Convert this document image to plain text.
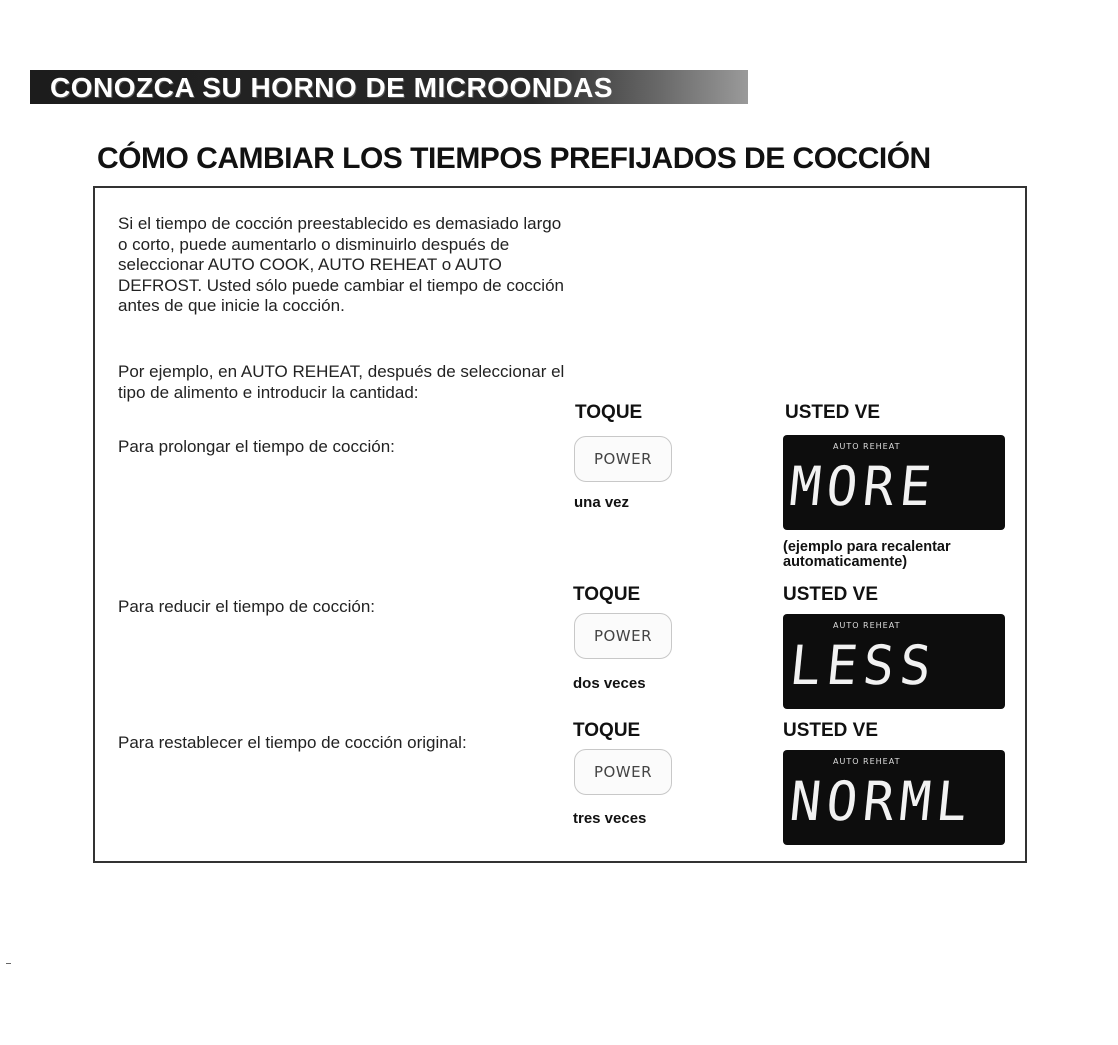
CONOZCA SU HORNO DE MICROONDAS
CÓMO CAMBIAR LOS TIEMPOS PREFIJADOS DE COCCIÓN

Si el tiempo de cocción preestablecido es demasiado largo o corto, puede aumentarlo o disminuirlo después de seleccionar AUTO COOK, AUTO REHEAT o AUTO DEFROST. Usted sólo puede cambiar el tiempo de cocción antes de que inicie la cocción.

Por ejemplo, en AUTO REHEAT, después de seleccionar el tipo de alimento e introducir la cantidad:

TOQUE	USTED VE
Para prolongar el tiempo de cocción:
POWER
una vez
AUTO REHEAT
MORE
(ejemplo para recalentar automaticamente)
TOQUE	USTED VE
Para reducir el tiempo de cocción:
POWER
dos veces
AUTO REHEAT
LESS
TOQUE	USTED VE
Para restablecer el tiempo de cocción original:
POWER
tres veces
AUTO REHEAT
NORML
